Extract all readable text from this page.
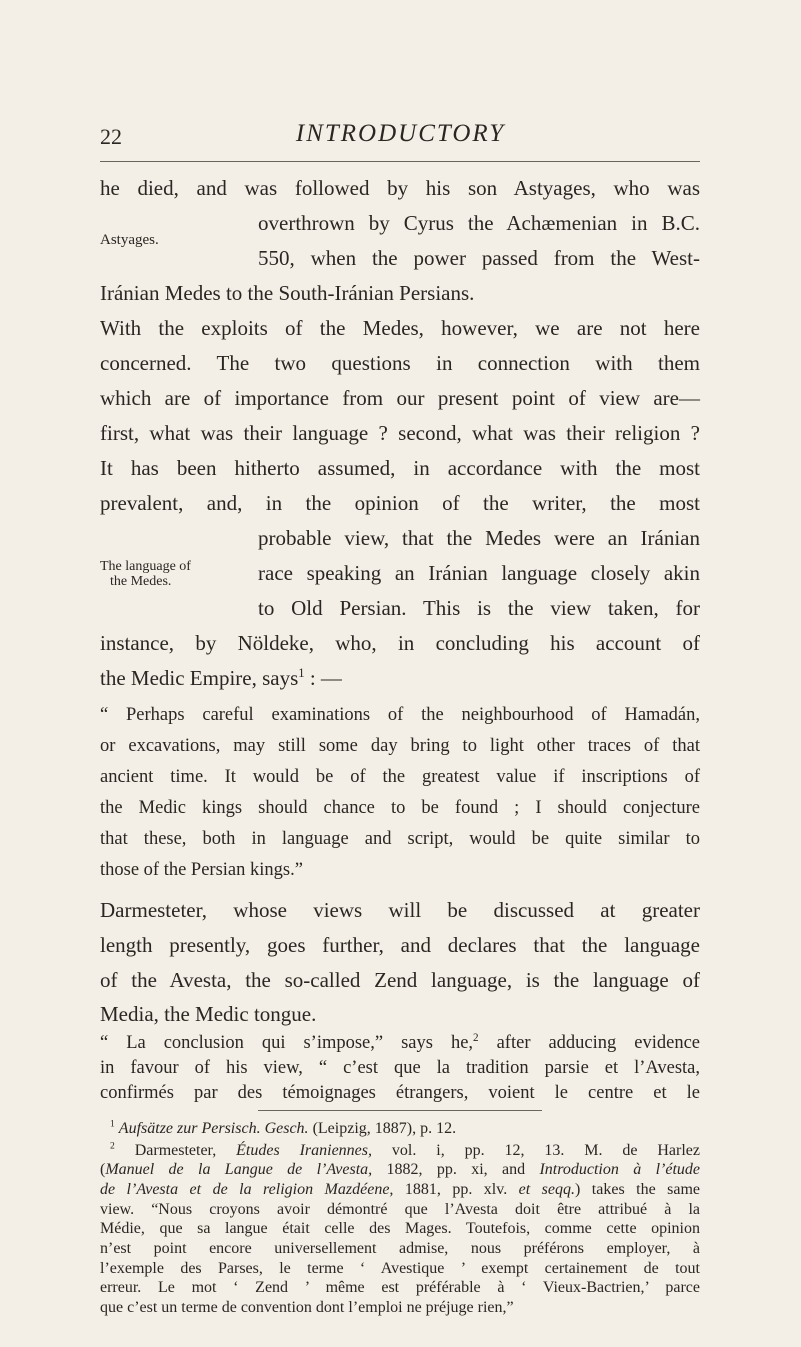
22	INTRODUCTORY
he died, and was followed by his son Astyages, who was
overthrown by Cyrus the Achæmenian in B.C.
Astyages.
550, when the power passed from the West-
Iránian Medes to the South-Iránian Persians.
With the exploits of the Medes, however, we are not here
concerned. The two questions in connection with them
which are of importance from our present point of view are—
first, what was their language ? second, what was their religion ?
It has been hitherto assumed, in accordance with the most
prevalent, and, in the opinion of the writer, the most
probable view, that the Medes were an Iránian
The language of
the Medes.	race speaking an Iránian language closely akin
to Old Persian. This is the view taken, for
instance, by Nöldeke, who, in concluding his account of
the Medic Empire, says$^1$ : —
“ Perhaps careful examinations of the neighbourhood of Hamadán,
or excavations, may still some day bring to light other traces of that
ancient time. It would be of the greatest value if inscriptions of
the Medic kings should chance to be found ; I should conjecture
that these, both in language and script, would be quite similar to
those of the Persian kings.”
Darmesteter, whose views will be discussed at greater
length presently, goes further, and declares that the language
of the Avesta, the so-called Zend language, is the language of
Media, the Medic tongue.
“ La conclusion qui s’impose,” says he,$^2$ after adducing evidence
in favour of his view, “ c’est que la tradition parsie et l’Avesta,
confirmés par des témoignages étrangers, voient le centre et le
$^1$ Aufsätze zur Persisch. Gesch. (Leipzig, 1887), p. 12.
$^2$ Darmesteter, Études Iraniennes, vol. i, pp. 12, 13. M. de Harlez
(Manuel de la Langue de l’Avesta, 1882, pp. xi, and Introduction à l’étude
de l’Avesta et de la religion Mazdéene, 1881, pp. xlv. et seqq.) takes the same
view. “Nous croyons avoir démontré que l’Avesta doit être attribué à la
Médie, que sa langue était celle des Mages. Toutefois, comme cette opinion
n’est point encore universellement admise, nous préférons employer, à
l’exemple des Parses, le terme ‘ Avestique ’ exempt certainement de tout
erreur. Le mot ‘ Zend ’ même est préférable à ‘ Vieux-Bactrien,’ parce
que c’est un terme de convention dont l’emploi ne préjuge rien,”
